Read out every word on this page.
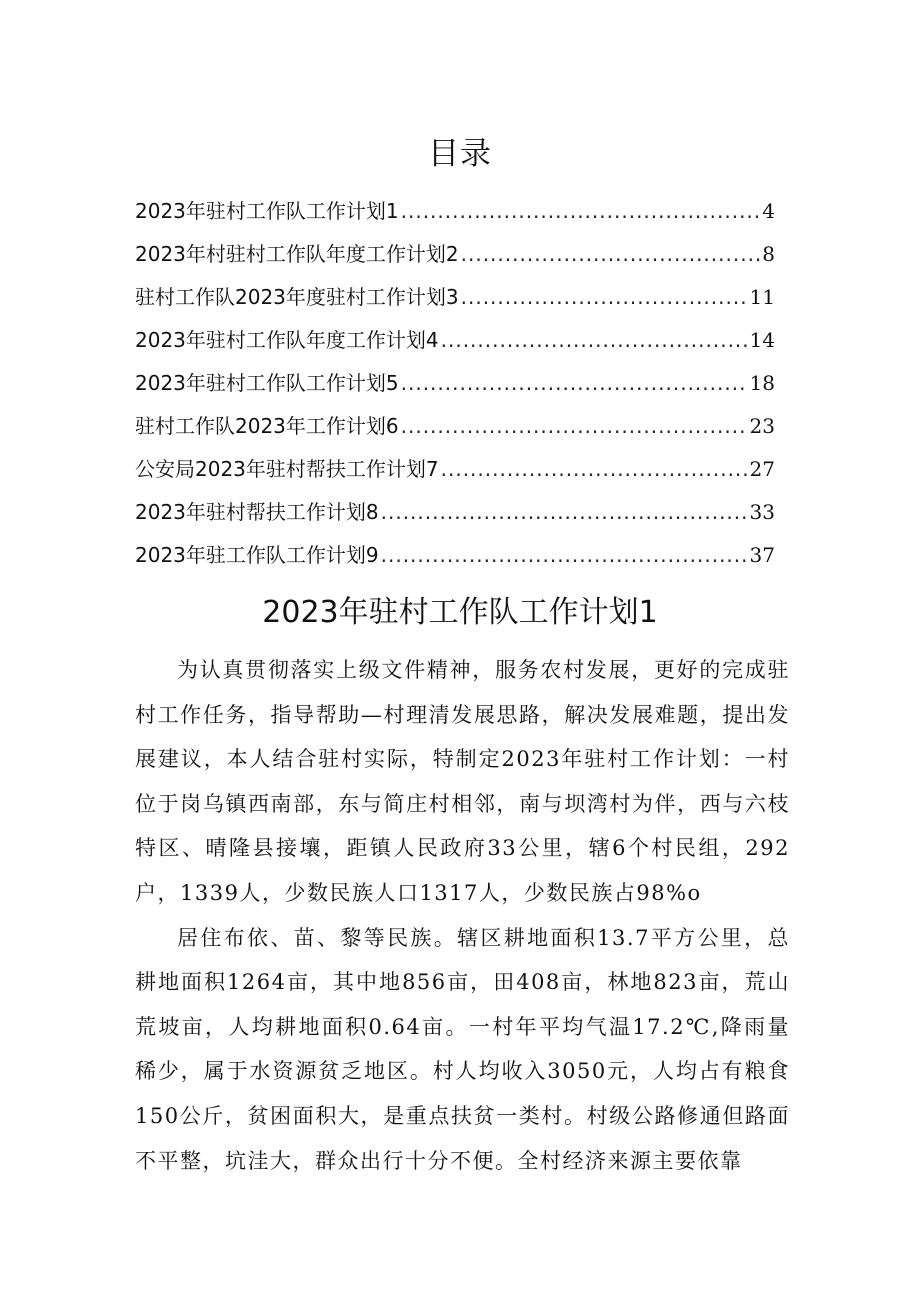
目录
2023年驻村工作队工作计划1 .....	4
2023年村驻村工作队年度工作计划2 .....	8
驻村工作队2023年度驻村工作计划3 .....	11
2023年驻村工作队年度工作计划4 .....	14
2023年驻村工作队工作计划5 .....	18
驻村工作队2023年工作计划6 .....	23
公安局2023年驻村帮扶工作计划7 .....	27
2023年驻村帮扶工作计划8 .....	33
2023年驻工作队工作计划9 .....	37
2023年驻村工作队工作计划1

为认真贯彻落实上级文件精神，服务农村发展，更好的完成驻村工作任务，指导帮助—村理清发展思路，解决发展难题，提出发展建议，本人结合驻村实际，特制定2023年驻村工作计划：一村位于岗乌镇西南部，东与简庄村相邻，南与坝湾村为伴，西与六枝特区、晴隆县接壤，距镇人民政府33公里，辖6个村民组，292户，1339人，少数民族人口1317人，少数民族占98%o

居住布依、苗、黎等民族。辖区耕地面积13.7平方公里，总耕地面积1264亩，其中地856亩，田408亩，林地823亩，荒山荒坡亩，人均耕地面积0.64亩。一村年平均气温17.2℃,降雨量稀少，属于水资源贫乏地区。村人均收入3050元，人均占有粮食150公斤，贫困面积大，是重点扶贫一类村。村级公路修通但路面不平整，坑洼大，群众出行十分不便。全村经济来源主要依靠
